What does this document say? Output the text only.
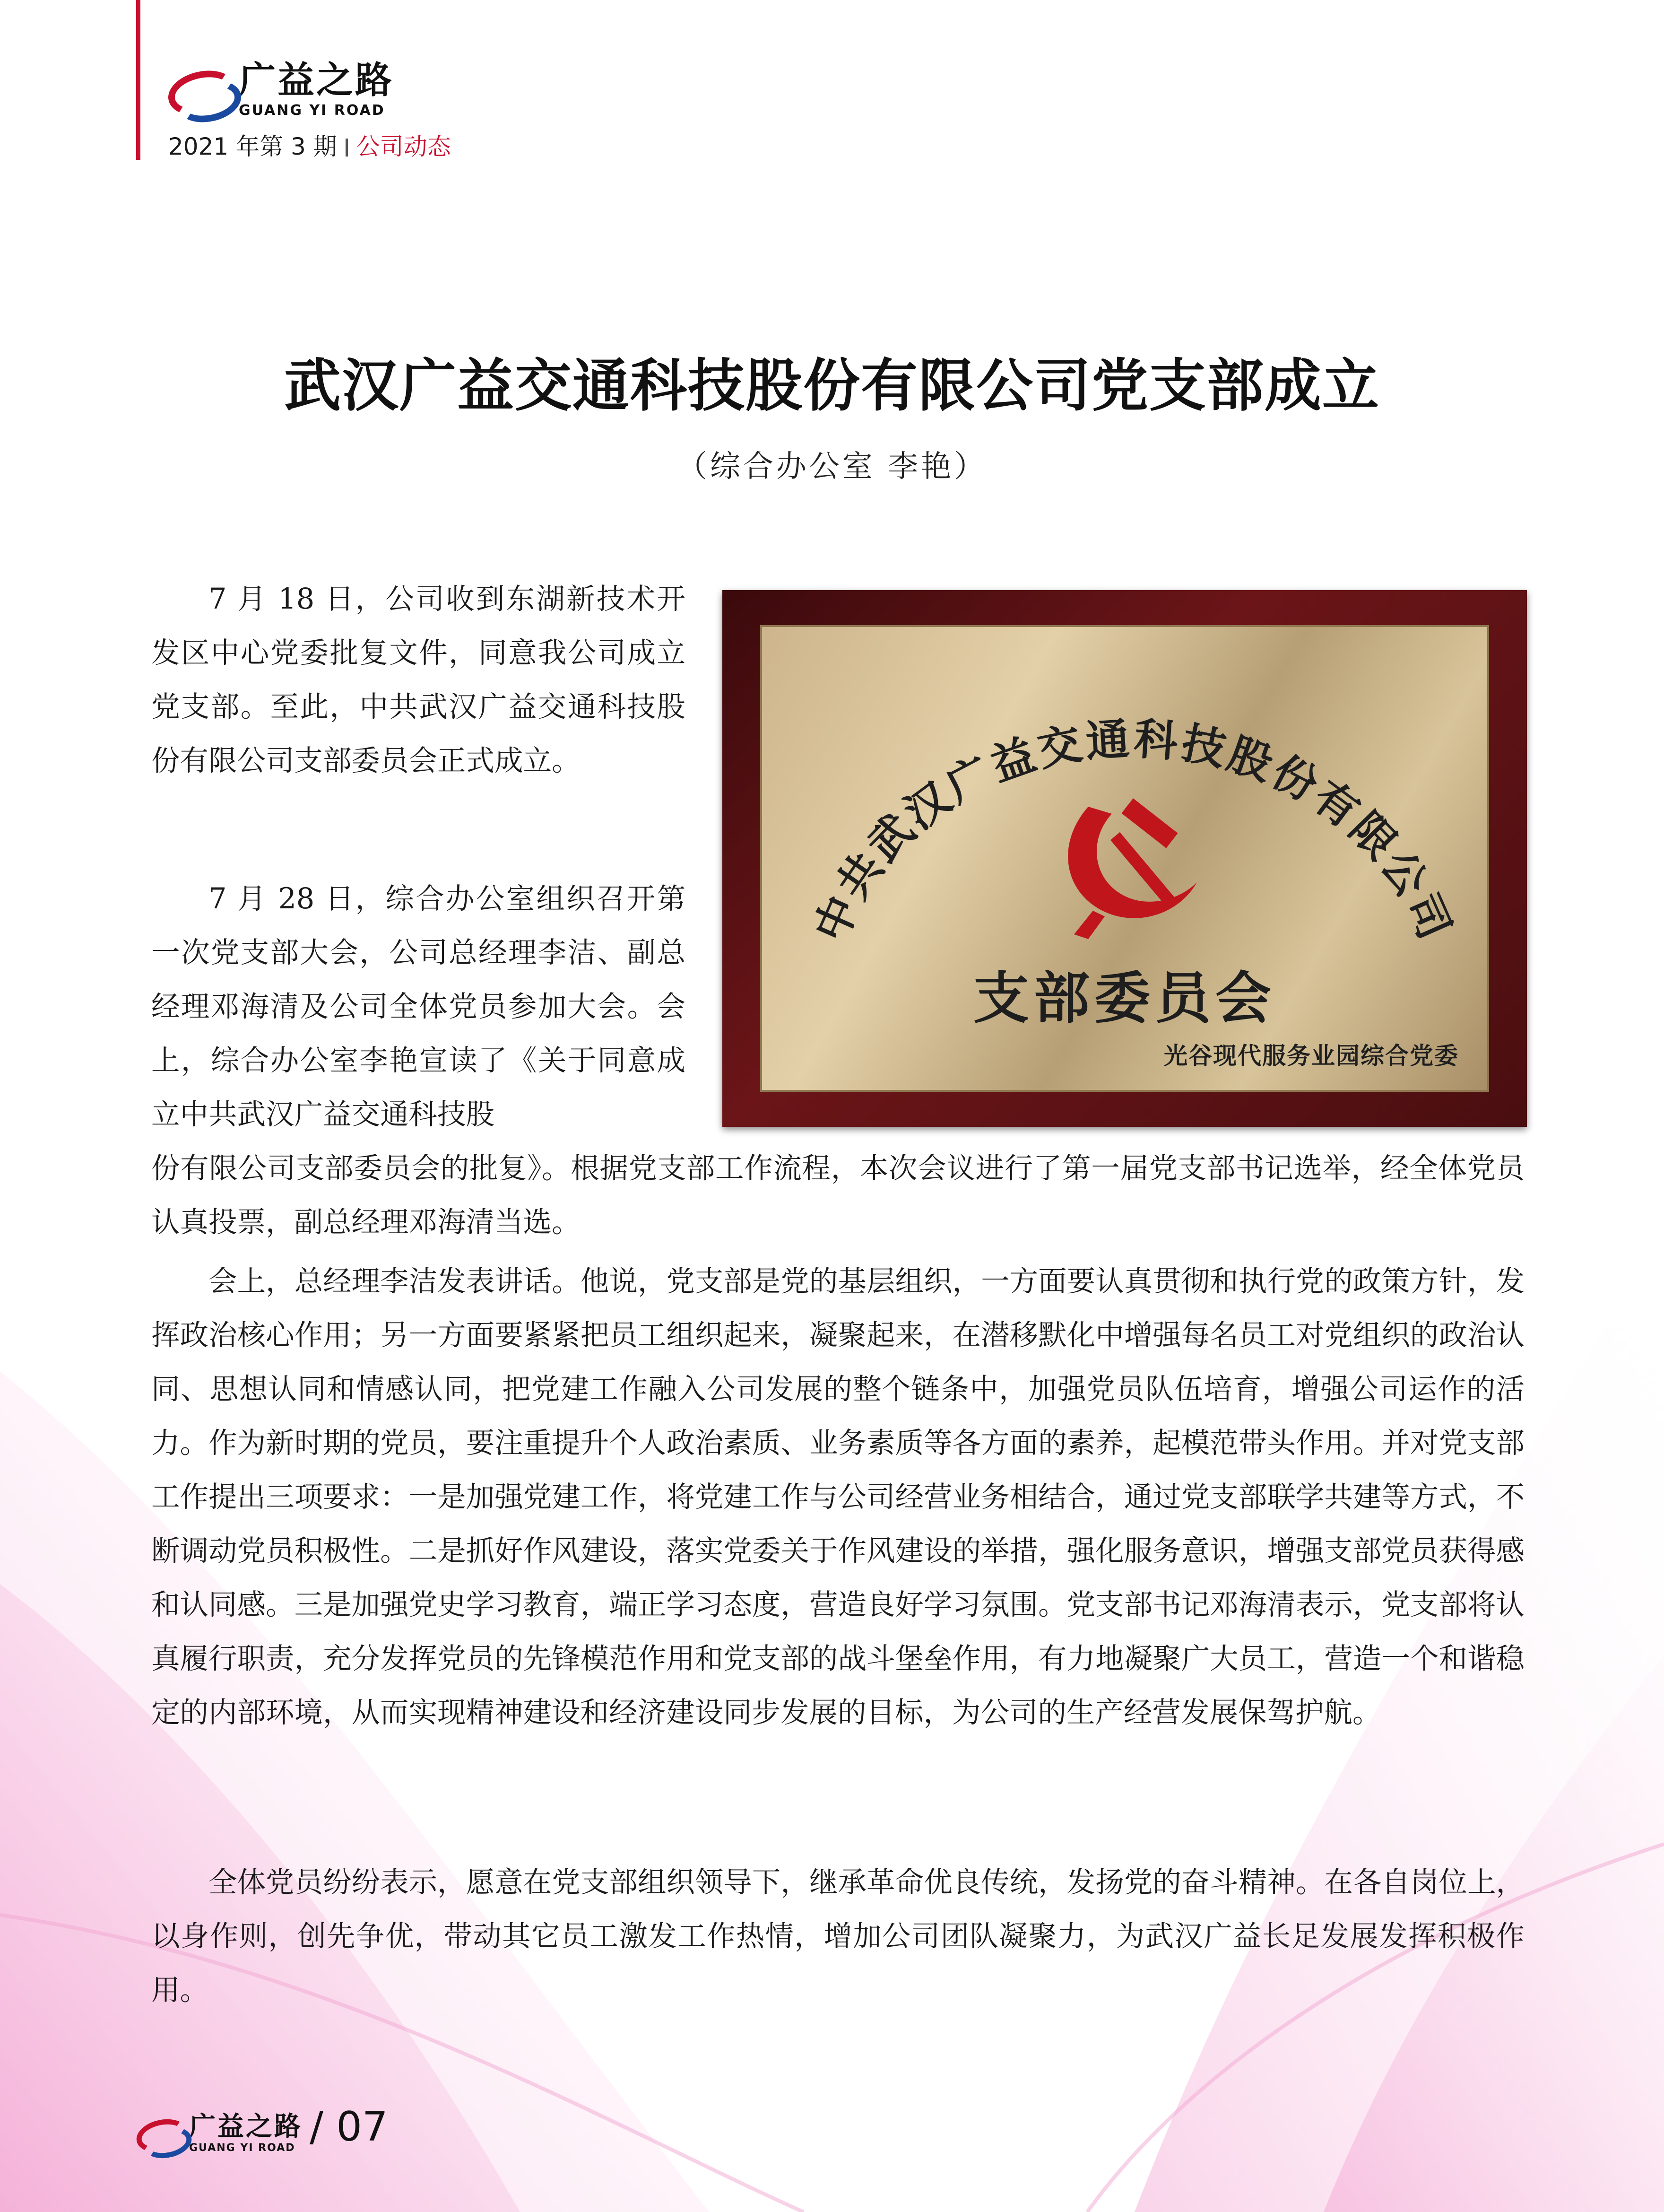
广益之路
GUANG YI ROAD
2021 年第 3 期 公司动态
武汉广益交通科技股份有限公司党支部成立
（综合办公室 李艳）

7 月 18 日，公司收到东湖新技术开发区中心党委批复文件，同意我公司成立党支部。至此，中共武汉广益交通科技股份有限公司支部委员会正式成立。

7 月 28 日，综合办公室组织召开第一次党支部大会，公司总经理李洁、副总经理邓海清及公司全体党员参加大会。会上，综合办公室李艳宣读了《关于同意成立中共武汉广益交通科技股

份有限公司支部委员会的批复》。根据党支部工作流程，本次会议进行了第一届党支部书记选举，经全体党员认真投票，副总经理邓海清当选。

会上，总经理李洁发表讲话。他说，党支部是党的基层组织，一方面要认真贯彻和执行党的政策方针，发挥政治核心作用；另一方面要紧紧把员工组织起来，凝聚起来，在潜移默化中增强每名员工对党组织的政治认同、思想认同和情感认同，把党建工作融入公司发展的整个链条中，加强党员队伍培育，增强公司运作的活力。作为新时期的党员，要注重提升个人政治素质、业务素质等各方面的素养，起模范带头作用。并对党支部工作提出三项要求：一是加强党建工作，将党建工作与公司经营业务相结合，通过党支部联学共建等方式，不断调动党员积极性。二是抓好作风建设，落实党委关于作风建设的举措，强化服务意识，增强支部党员获得感和认同感。三是加强党史学习教育，端正学习态度，营造良好学习氛围。党支部书记邓海清表示，党支部将认真履行职责，充分发挥党员的先锋模范作用和党支部的战斗堡垒作用，有力地凝聚广大员工，营造一个和谐稳定的内部环境，从而实现精神建设和经济建设同步发展的目标，为公司的生产经营发展保驾护航。

全体党员纷纷表示，愿意在党支部组织领导下，继承革命优良传统，发扬党的奋斗精神。在各自岗位上，以身作则，创先争优，带动其它员工激发工作热情，增加公司团队凝聚力，为武汉广益长足发展发挥积极作用。

中共武汉广益交通科技股份有限公司
支部委员会
光谷现代服务业园综合党委
广益之路
GUANG YI ROAD / 07
